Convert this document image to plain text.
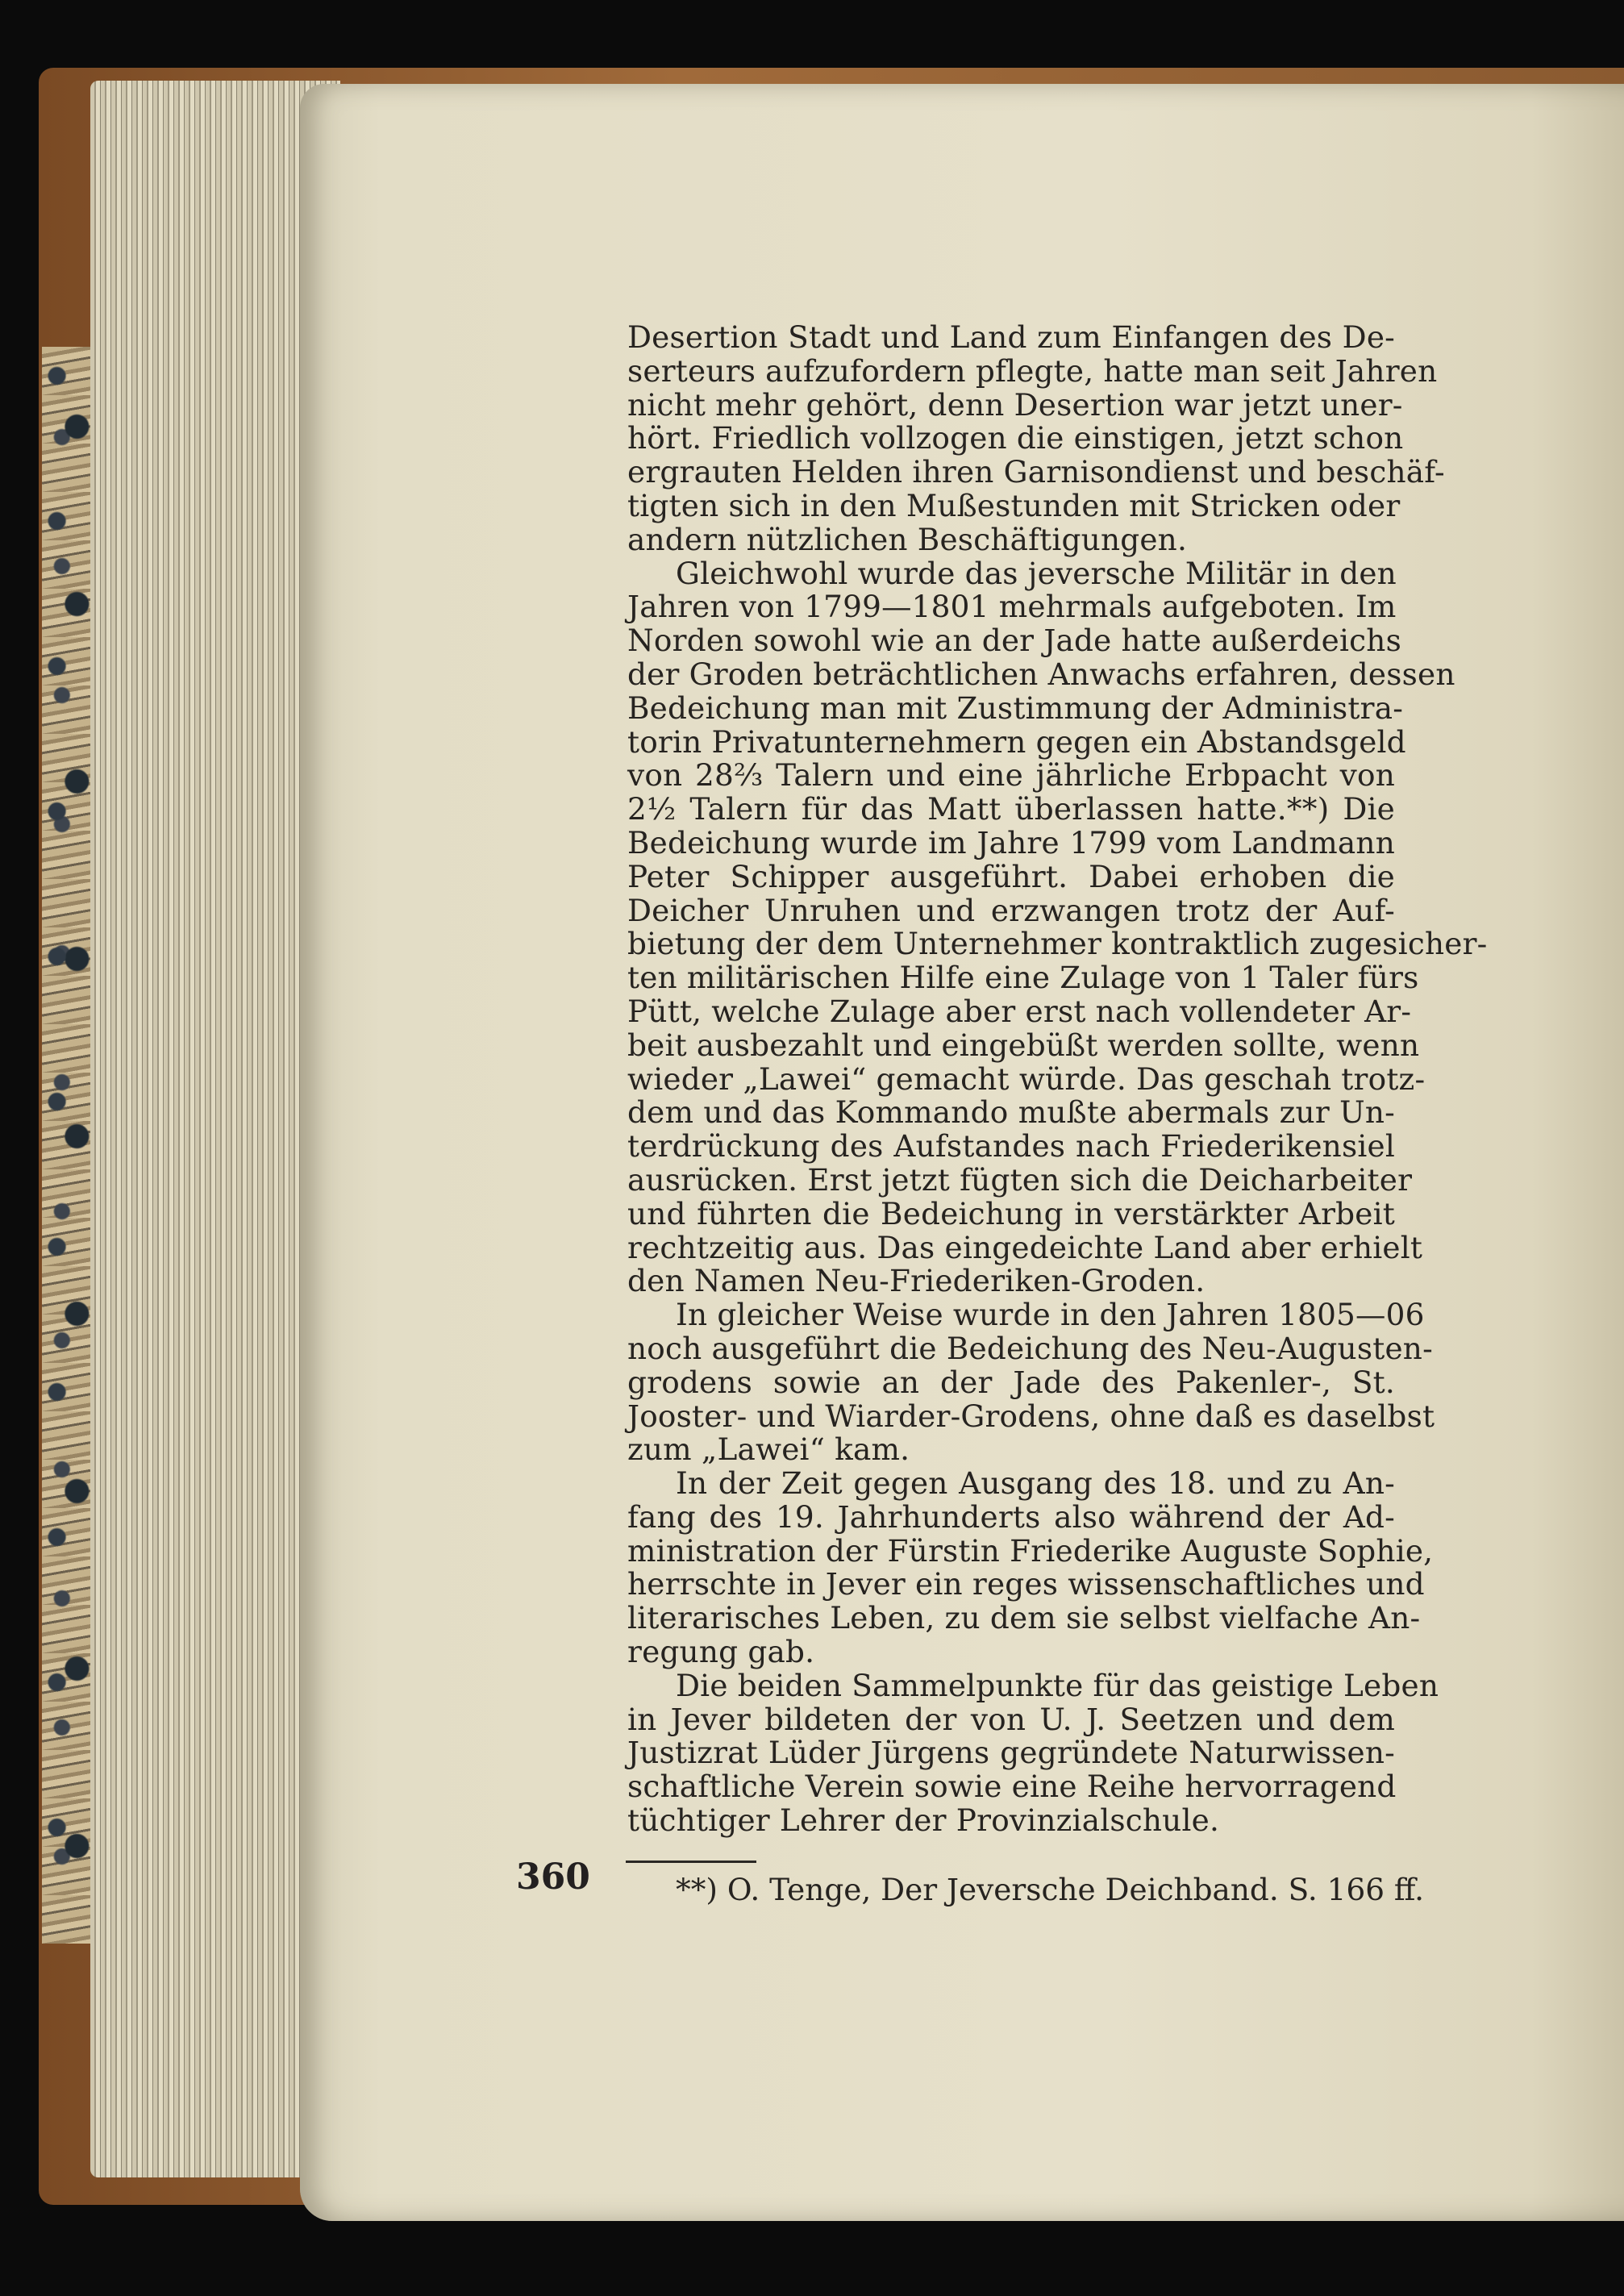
Desertion Stadt und Land zum Einfangen des De-
serteurs aufzufordern pflegte, hatte man seit Jahren
nicht mehr gehört, denn Desertion war jetzt uner-
hört. Friedlich vollzogen die einstigen, jetzt schon
ergrauten Helden ihren Garnisondienst und beschäf-
tigten sich in den Mußestunden mit Stricken oder
andern nützlichen Beschäftigungen.
Gleichwohl wurde das jeversche Militär in den
Jahren von 1799—1801 mehrmals aufgeboten. Im
Norden sowohl wie an der Jade hatte außerdeichs
der Groden beträchtlichen Anwachs erfahren, dessen
Bedeichung man mit Zustimmung der Administra-
torin Privatunternehmern gegen ein Abstandsgeld
von 28⅔ Talern und eine jährliche Erbpacht von
2½ Talern für das Matt überlassen hatte.**) Die
Bedeichung wurde im Jahre 1799 vom Landmann
Peter Schipper ausgeführt. Dabei erhoben die
Deicher Unruhen und erzwangen trotz der Auf-
bietung der dem Unternehmer kontraktlich zugesicher-
ten militärischen Hilfe eine Zulage von 1 Taler fürs
Pütt, welche Zulage aber erst nach vollendeter Ar-
beit ausbezahlt und eingebüßt werden sollte, wenn
wieder „Lawei“ gemacht würde. Das geschah trotz-
dem und das Kommando mußte abermals zur Un-
terdrückung des Aufstandes nach Friederikensiel
ausrücken. Erst jetzt fügten sich die Deicharbeiter
und führten die Bedeichung in verstärkter Arbeit
rechtzeitig aus. Das eingedeichte Land aber erhielt
den Namen Neu-Friederiken-Groden.
In gleicher Weise wurde in den Jahren 1805—06
noch ausgeführt die Bedeichung des Neu-Augusten-
grodens sowie an der Jade des Pakenler-, St.
Jooster- und Wiarder-Grodens, ohne daß es daselbst
zum „Lawei“ kam.
In der Zeit gegen Ausgang des 18. und zu An-
fang des 19. Jahrhunderts also während der Ad-
ministration der Fürstin Friederike Auguste Sophie,
herrschte in Jever ein reges wissenschaftliches und
literarisches Leben, zu dem sie selbst vielfache An-
regung gab.
Die beiden Sammelpunkte für das geistige Leben
in Jever bildeten der von U. J. Seetzen und dem
Justizrat Lüder Jürgens gegründete Naturwissen-
schaftliche Verein sowie eine Reihe hervorragend
tüchtiger Lehrer der Provinzialschule.
360	**) O. Tenge, Der Jeversche Deichband. S. 166 ff.
